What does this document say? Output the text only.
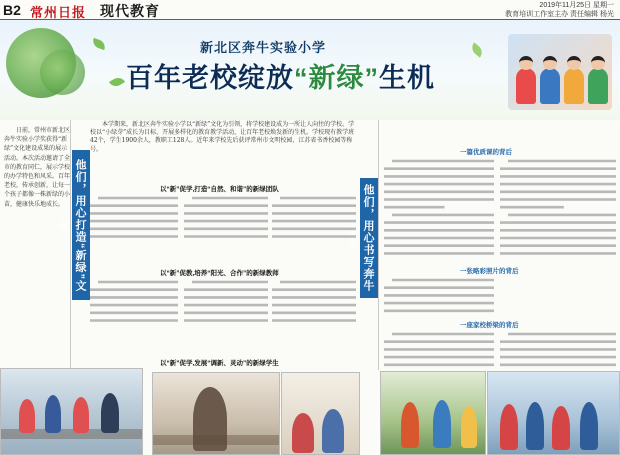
B2 常州日报 现代教育	2019年11月25日 星期一
教育培训工作室主办 责任编辑 杨光
新北区奔牛实验小学
百年老校绽放“新绿”生机
本学期来，新北区奔牛实验小学以“新绿”文化为引领，将学校建设成为一所让人向往的学校。学校以“小绿芽”成长为目标，开展多样化的教育教学活动，让百年老校焕发新的生机。学校现有教学班42个，学生1900余人，教职工128人。近年来学校先后获评常州市文明校园、江苏省书香校园等称号。
日前，常州市新北区奔牛实验小学奖获得“新绿”文化建设成果的展示活动。本次活动邀请了全市的教育同仁，展示学校的办学特色和风采。百年老校，传承创新，让每一个孩子都像一株新绿的小苗，健康快乐地成长。 他们，用心打造“新绿”文化	他们，用心书写奔牛实小
以“新”促学,打造“自然、和谐”的新绿团队

以“新”促教,培养“阳光、合作”的新绿教师

以“新”促学,发展“调新、灵动”的新绿学生
一篇优质课的背后

一张略彩照片的背后

一座家校桥梁的背后
